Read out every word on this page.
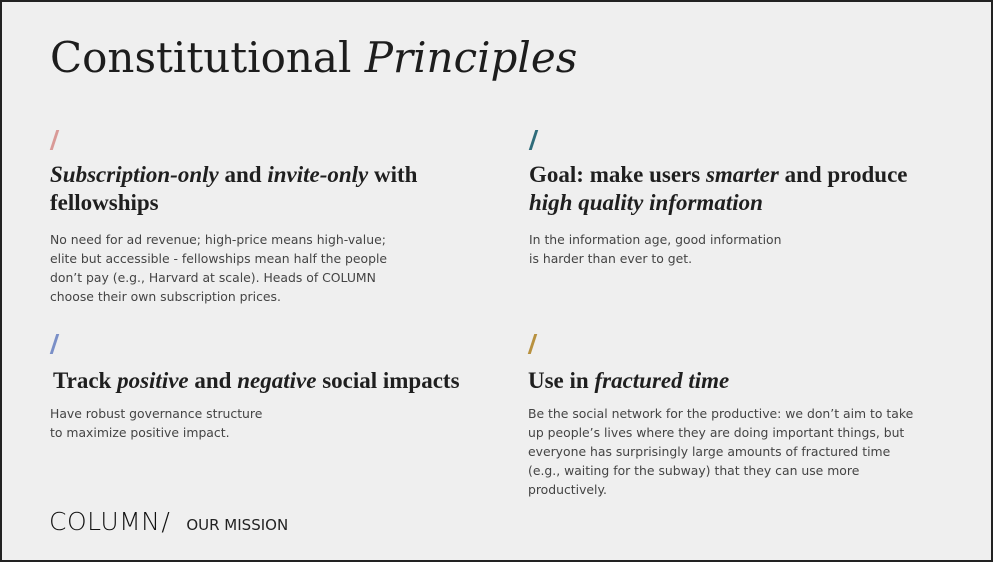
Constitutional Principles
Subscription-only and invite-only with fellowships

No need for ad revenue; high-price means high-value;
elite but accessible - fellowships mean half the people
don’t pay (e.g., Harvard at scale). Heads of COLUMN
choose their own subscription prices.

Goal: make users smarter and produce high quality information

In the information age, good information
is harder than ever to get.

Track positive and negative social impacts

Have robust governance structure
to maximize positive impact.

Use in fractured time

Be the social network for the productive: we don’t aim to take
up people’s lives where they are doing important things, but
everyone has surprisingly large amounts of fractured time
(e.g., waiting for the subway) that they can use more
productively.

COLUMN/ OUR MISSION
